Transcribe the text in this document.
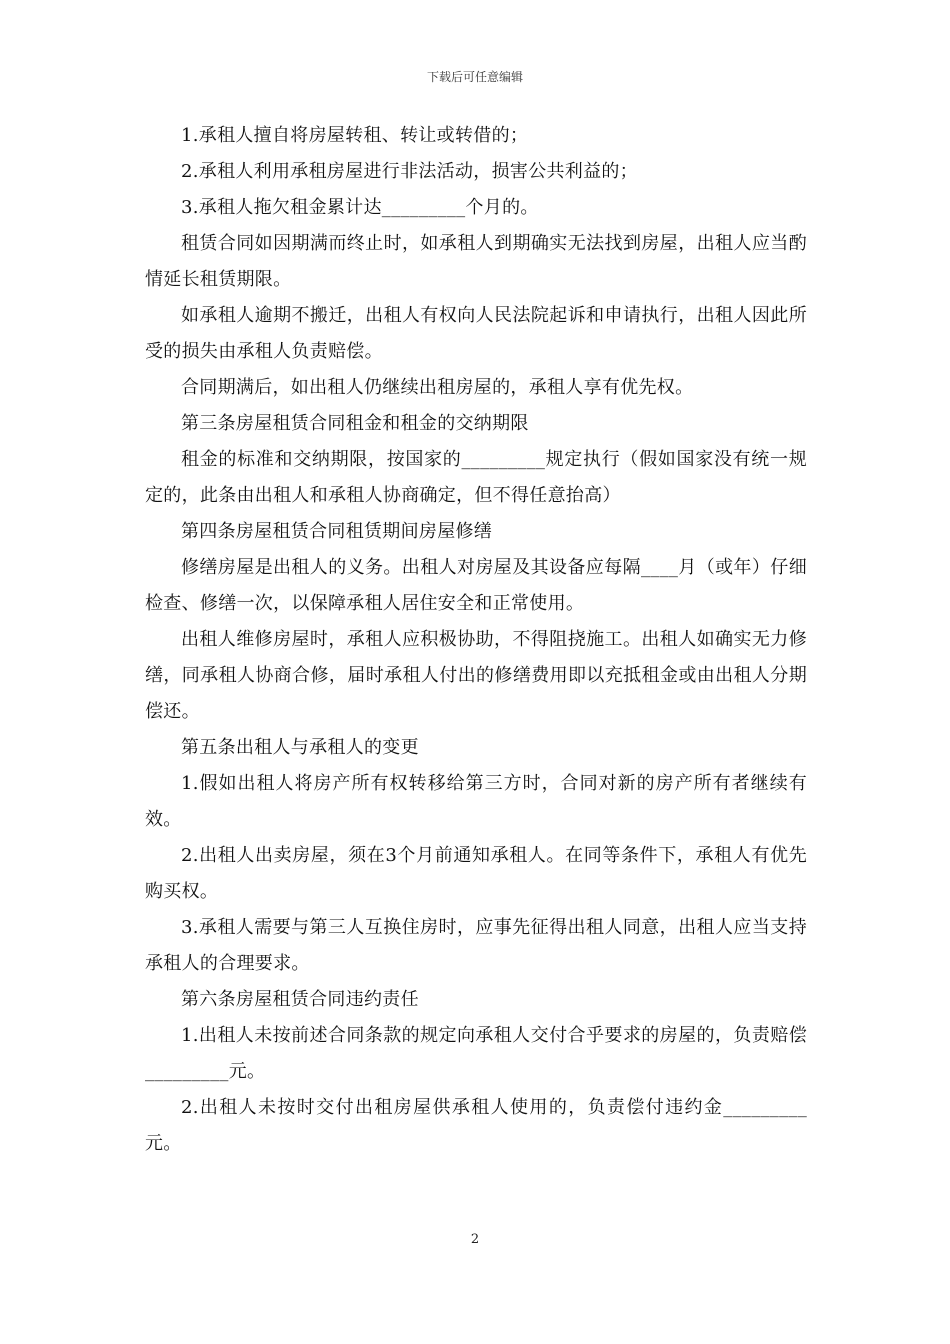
下载后可任意编辑

1.承租人擅自将房屋转租、转让或转借的；

2.承租人利用承租房屋进行非法活动，损害公共利益的；

3.承租人拖欠租金累计达_________个月的。

租赁合同如因期满而终止时，如承租人到期确实无法找到房屋，出租人应当酌情延长租赁期限。

如承租人逾期不搬迁，出租人有权向人民法院起诉和申请执行，出租人因此所受的损失由承租人负责赔偿。

合同期满后，如出租人仍继续出租房屋的，承租人享有优先权。

第三条房屋租赁合同租金和租金的交纳期限

租金的标准和交纳期限，按国家的_________规定执行（假如国家没有统一规定的，此条由出租人和承租人协商确定，但不得任意抬高）

第四条房屋租赁合同租赁期间房屋修缮

修缮房屋是出租人的义务。出租人对房屋及其设备应每隔____月（或年）仔细检查、修缮一次，以保障承租人居住安全和正常使用。

出租人维修房屋时，承租人应积极协助，不得阻挠施工。出租人如确实无力修缮，同承租人协商合修，届时承租人付出的修缮费用即以充抵租金或由出租人分期偿还。

第五条出租人与承租人的变更

1.假如出租人将房产所有权转移给第三方时，合同对新的房产所有者继续有效。

2.出租人出卖房屋，须在3个月前通知承租人。在同等条件下，承租人有优先购买权。

3.承租人需要与第三人互换住房时，应事先征得出租人同意，出租人应当支持承租人的合理要求。

第六条房屋租赁合同违约责任

1.出租人未按前述合同条款的规定向承租人交付合乎要求的房屋的，负责赔偿_________元。

2.出租人未按时交付出租房屋供承租人使用的，负责偿付违约金_________元。

2
